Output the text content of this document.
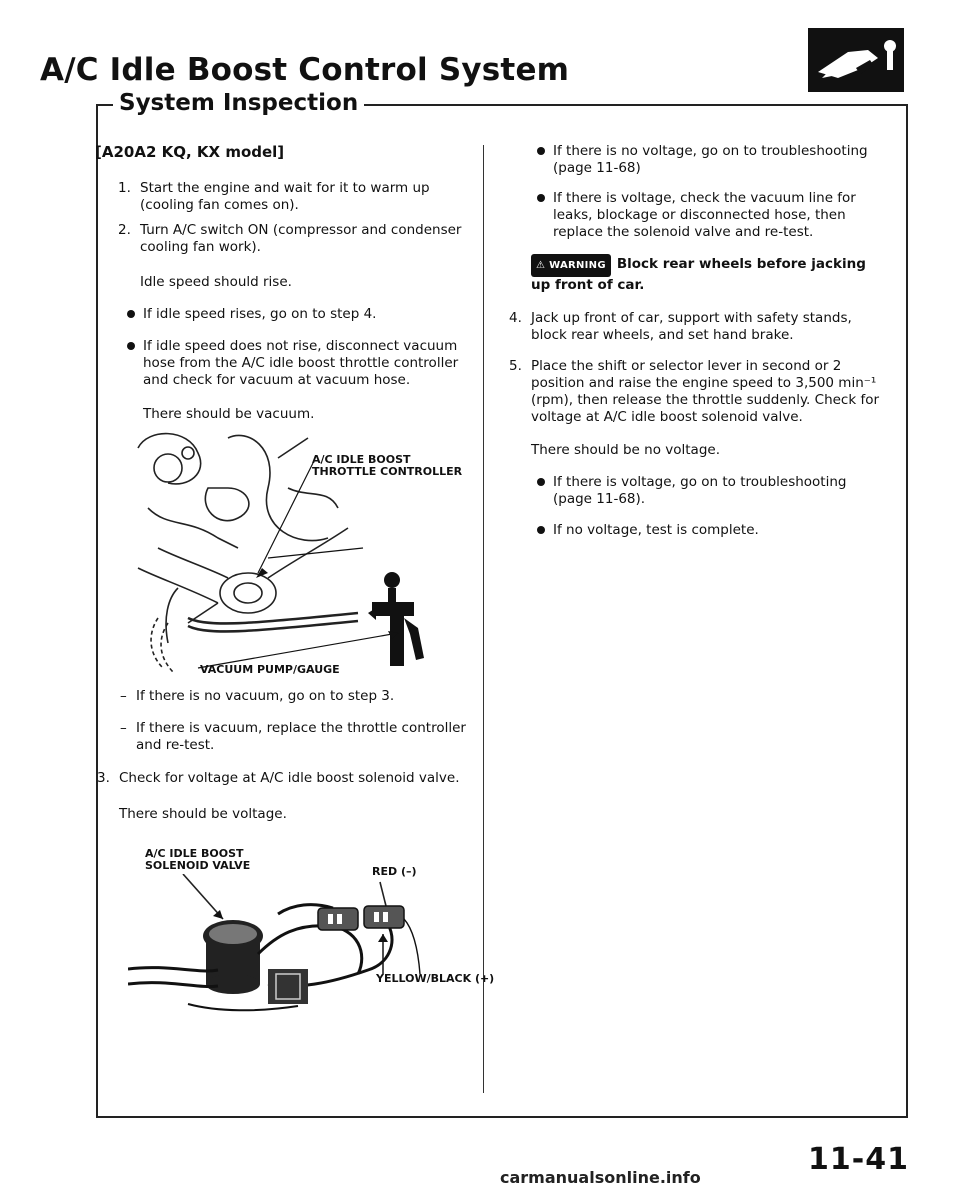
A/C Idle Boost Control System
System Inspection
[A20A2 KQ, KX model]
1. Start the engine and wait for it to warm up (cooling fan comes on).
2. Turn A/C switch ON (compressor and condenser cooling fan work).
Idle speed should rise.
If idle speed rises, go on to step 4.
If idle speed does not rise, disconnect vacuum hose from the A/C idle boost throttle controller and check for vacuum at vacuum hose.
There should be vacuum.
A/C IDLE BOOST THROTTLE CONTROLLER
VACUUM PUMP/GAUGE
– If there is no vacuum, go on to step 3.
– If there is vacuum, replace the throttle controller and re-test.
3. Check for voltage at A/C idle boost solenoid valve.
There should be voltage.
A/C IDLE BOOST SOLENOID VALVE	RED (–)
YELLOW/BLACK (+)
If there is no voltage, go on to troubleshooting (page 11-68)
If there is voltage, check the vacuum line for leaks, blockage or disconnected hose, then replace the solenoid valve and re-test.
⚠ WARNING Block rear wheels before jacking up front of car.
4. Jack up front of car, support with safety stands, block rear wheels, and set hand brake.
5. Place the shift or selector lever in second or 2 position and raise the engine speed to 3,500 min⁻¹ (rpm), then release the throttle suddenly. Check for voltage at A/C idle boost solenoid valve.
There should be no voltage.
If there is voltage, go on to troubleshooting (page 11-68).
If no voltage, test is complete.
11-41
carmanualsonline.info
